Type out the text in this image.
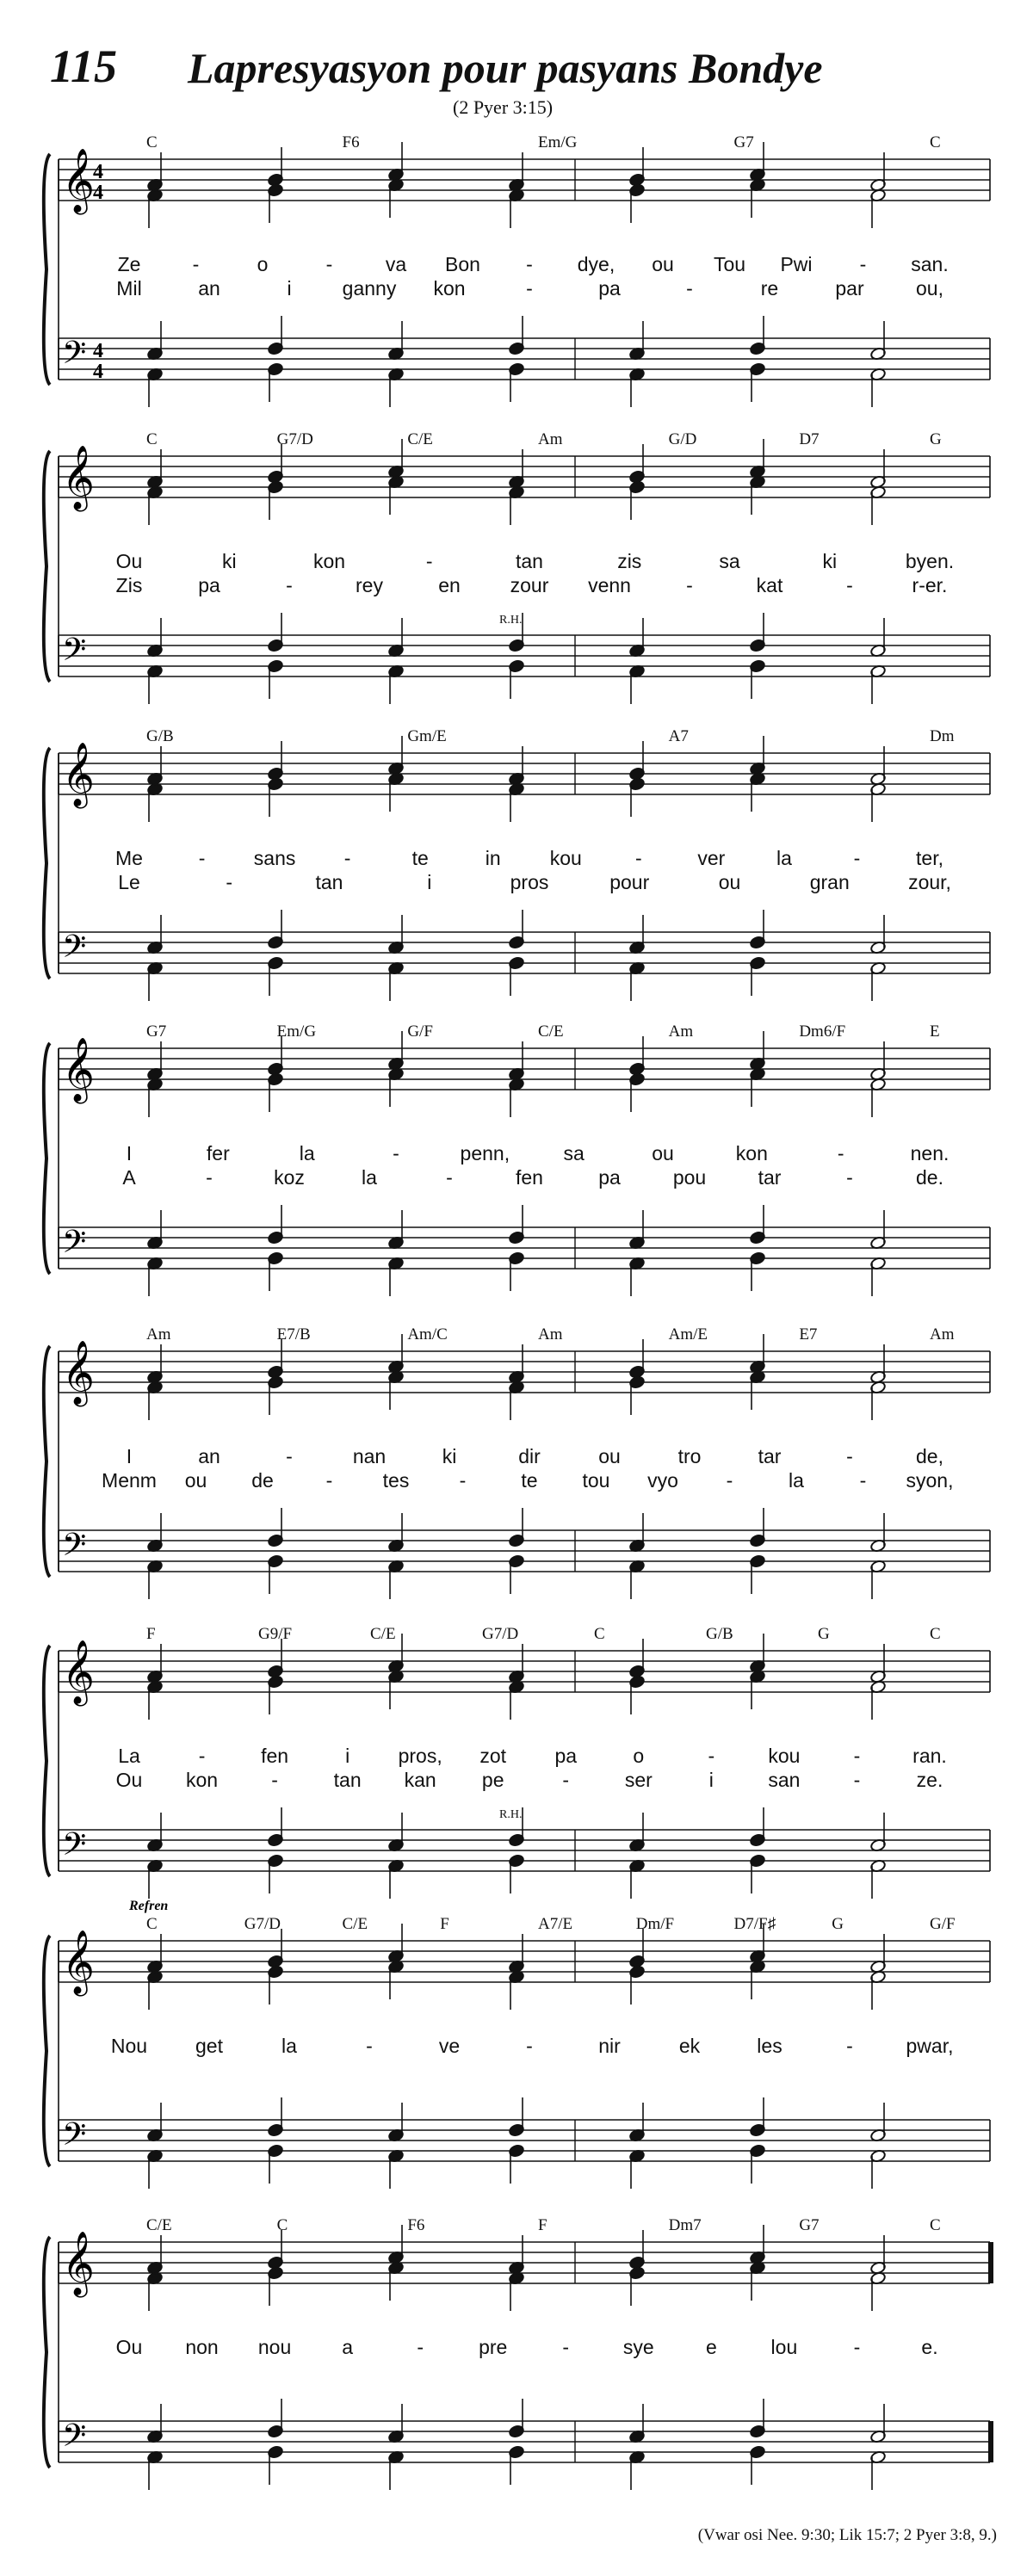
115 Lapresyasyon pour pasyans Bondye
(2 Pyer 3:15)
𝄞
𝄢
4
4
4
4
C	F6	Em/G	G7	C
Ze	-	o	-	va Bon - dye, ou Tou Pwi - san.
Mil	an	i	ganny kon	-	pa	-	re	par	ou,
𝄞
𝄢
C	G7/D	C/E	Am	G/D	D7	G
R.H.
Ou	ki	kon	-	tan	zis	sa	ki	byen.
Zis	pa	-	rey	en	zour venn	-	kat	-	r-er.
𝄞
𝄢
G/B	Gm/E	A7	Dm
Me	- sans -	te	in kou	-	ver	la	-	ter,
Le	-	tan	i	pros	pour	ou	gran	zour,
𝄞
𝄢
G7	Em/G	G/F	C/E	Am	Dm6/F	E
I	fer	la	-	penn,	sa	ou	kon	-	nen.
A	-	koz	la	-	fen	pa	pou	tar	-	de.
𝄞
𝄢
Am	E7/B	Am/C	Am	Am/E	E7	Am
I	an	-	nan	ki	dir	ou	tro	tar	-	de,
Menm ou de	-	tes	-	te tou vyo -	la	- syon,
𝄞
𝄢
F	G9/F	C/E	G7/D	C	G/B	G	C
R.H.
La	-	fen	i pros, zot pa	o	-	kou	-	ran.
Ou kon	-	tan kan pe	-	ser	i	san	-	ze.
𝄞
𝄢
C	G7/D	C/E	F	A7/E	Dm/F	D7/F♯	G	G/F
Refren
Nou get	la	-	ve	-	nir	ek	les	-	pwar,
𝄞
𝄢
C/E	C	F6	F	Dm7	G7	C
Ou non nou	a	-	pre	-	sye	e	lou	-	e.
(Vwar osi Nee. 9:30; Lik 15:7; 2 Pyer 3:8, 9.)
